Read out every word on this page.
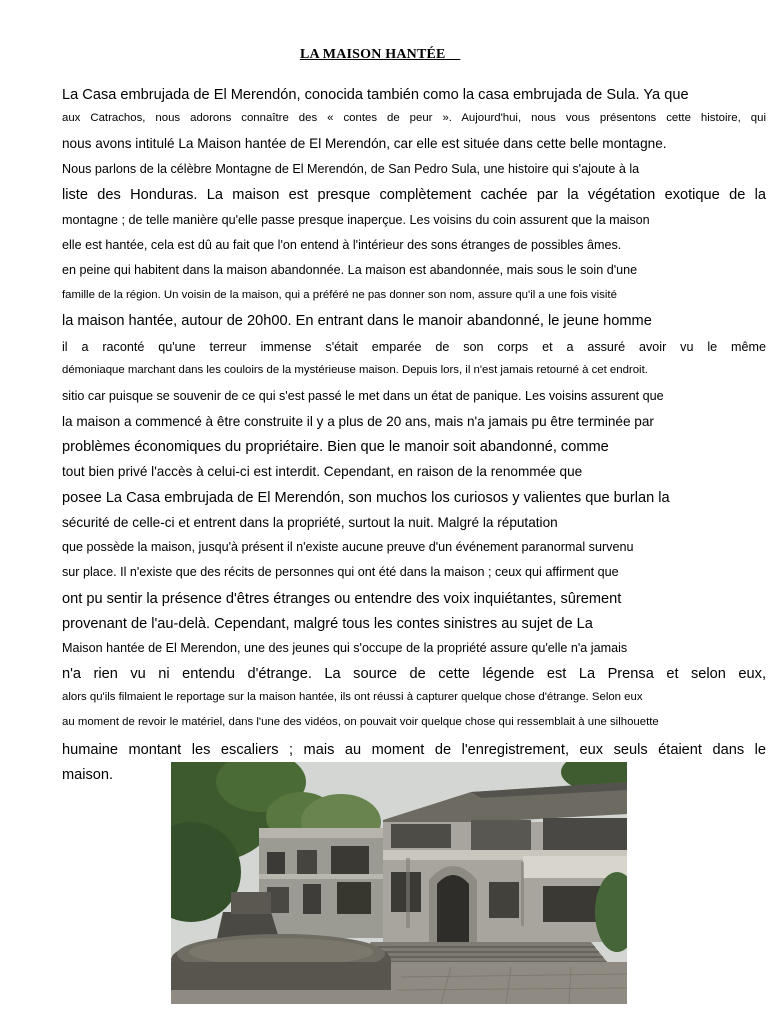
LA MAISON HANTÉE
La Casa embrujada de El Merendón, conocida también como la casa embrujada de Sula. Ya que
aux Catrachos, nous adorons connaître des « contes de peur ». Aujourd'hui, nous vous présentons cette histoire, qui
nous avons intitulé La Maison hantée de El Merendón, car elle est située dans cette belle montagne.
Nous parlons de la célèbre Montagne de El Merendón, de San Pedro Sula, une histoire qui s'ajoute à la
liste des Honduras. La maison est presque complètement cachée par la végétation exotique de la
montagne ; de telle manière qu'elle passe presque inaperçue. Les voisins du coin assurent que la maison
elle est hantée, cela est dû au fait que l'on entend à l'intérieur des sons étranges de possibles âmes.
en peine qui habitent dans la maison abandonnée. La maison est abandonnée, mais sous le soin d'une
famille de la région. Un voisin de la maison, qui a préféré ne pas donner son nom, assure qu'il a une fois visité
la maison hantée, autour de 20h00. En entrant dans le manoir abandonné, le jeune homme
il a raconté qu'une terreur immense s'était emparée de son corps et a assuré avoir vu le même
démoniaque marchant dans les couloirs de la mystérieuse maison. Depuis lors, il n'est jamais retourné à cet endroit.
sitio car puisque se souvenir de ce qui s'est passé le met dans un état de panique. Les voisins assurent que
la maison a commencé à être construite il y a plus de 20 ans, mais n'a jamais pu être terminée par
problèmes économiques du propriétaire. Bien que le manoir soit abandonné, comme
tout bien privé l'accès à celui-ci est interdit. Cependant, en raison de la renommée que
posee La Casa embrujada de El Merendón, son muchos los curiosos y valientes que burlan la
sécurité de celle-ci et entrent dans la propriété, surtout la nuit. Malgré la réputation
que possède la maison, jusqu'à présent il n'existe aucune preuve d'un événement paranormal survenu
sur place. Il n'existe que des récits de personnes qui ont été dans la maison ; ceux qui affirment que
ont pu sentir la présence d'êtres étranges ou entendre des voix inquiétantes, sûrement
provenant de l'au-delà. Cependant, malgré tous les contes sinistres au sujet de La
Maison hantée de El Merendon, une des jeunes qui s'occupe de la propriété assure qu'elle n'a jamais
n'a rien vu ni entendu d'étrange. La source de cette légende est La Prensa et selon eux,
alors qu'ils filmaient le reportage sur la maison hantée, ils ont réussi à capturer quelque chose d'étrange. Selon eux
au moment de revoir le matériel, dans l'une des vidéos, on pouvait voir quelque chose qui ressemblait à une silhouette
humaine montant les escaliers ; mais au moment de l'enregistrement, eux seuls étaient dans le
maison.
